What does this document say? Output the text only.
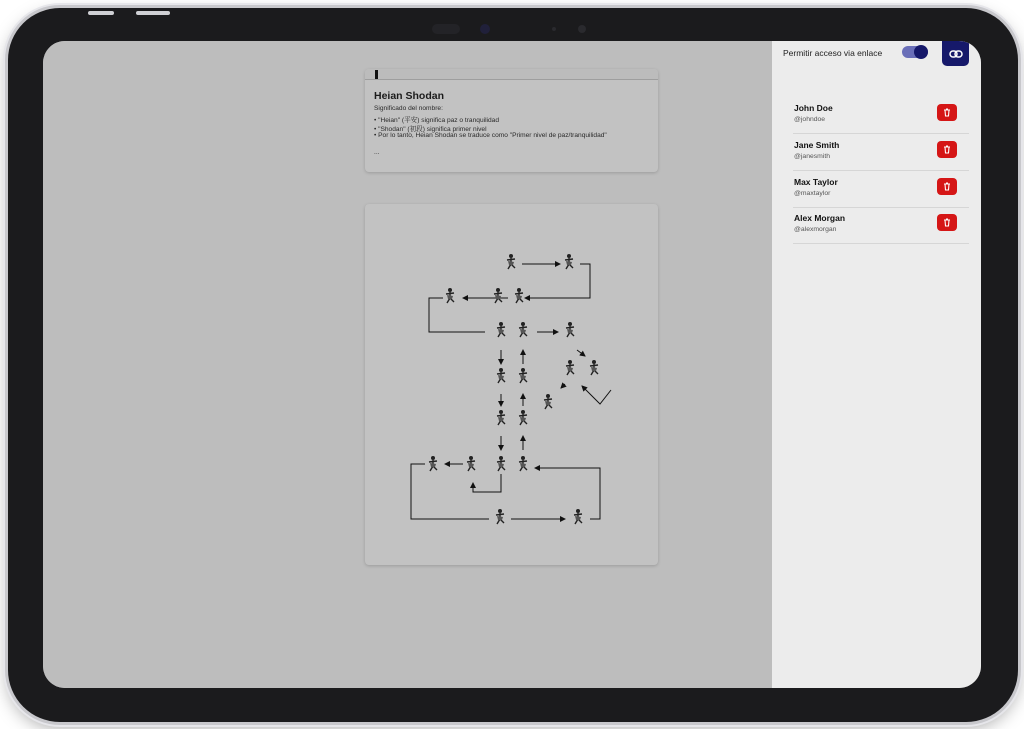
Heian Shodan
Significado del nombre:
• "Heian" (平安) significa paz o tranquilidad
• "Shodan" (初段) significa primer nivel
• Por lo tanto, Heian Shodan se traduce como "Primer nivel de paz/tranquilidad"
...
Permitir acceso via enlace
John Doe
@johndoe
Jane Smith
@janesmith
Max Taylor
@maxtaylor
Alex Morgan
@alexmorgan
